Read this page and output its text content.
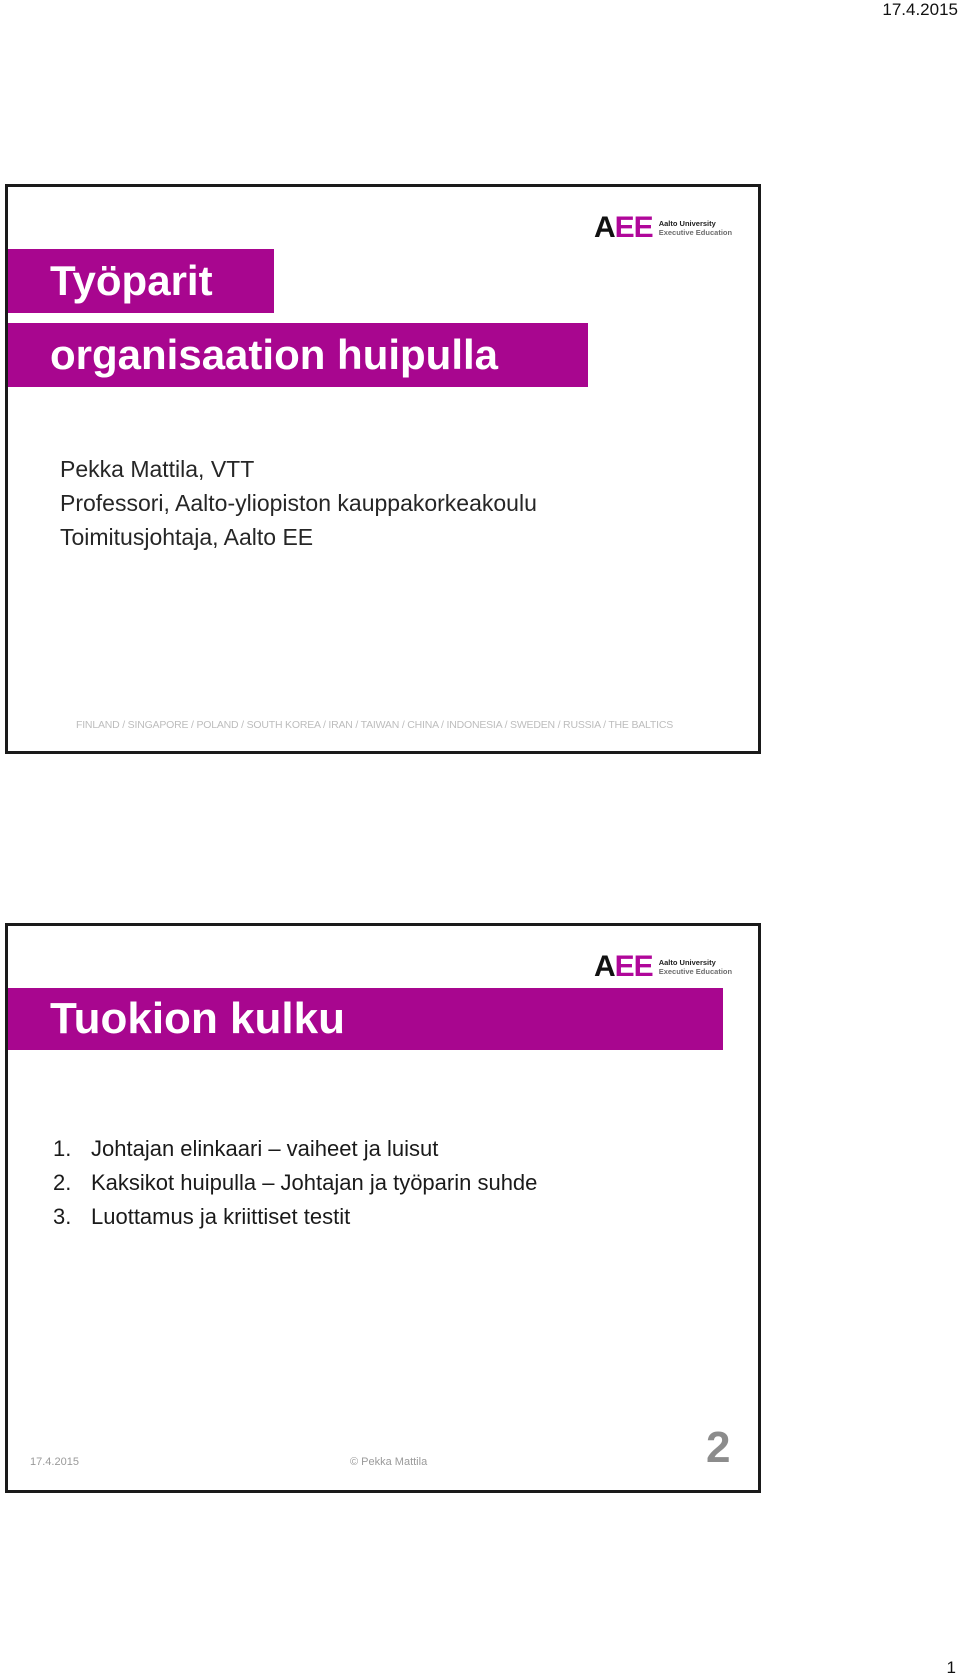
17.4.2015
AEE Aalto University
Executive Education
Työparit
organisaation huipulla
Pekka Mattila, VTT
Professori, Aalto-yliopiston kauppakorkeakoulu
Toimitusjohtaja, Aalto EE
FINLAND / SINGAPORE / POLAND / SOUTH KOREA / IRAN / TAIWAN / CHINA / INDONESIA / SWEDEN / RUSSIA / THE BALTICS
AEE Aalto University
Executive Education
Tuokion kulku
1. Johtajan elinkaari – vaiheet ja luisut
2. Kaksikot huipulla – Johtajan ja työparin suhde
3. Luottamus ja kriittiset testit
17.4.2015	© Pekka Mattila	2
1
